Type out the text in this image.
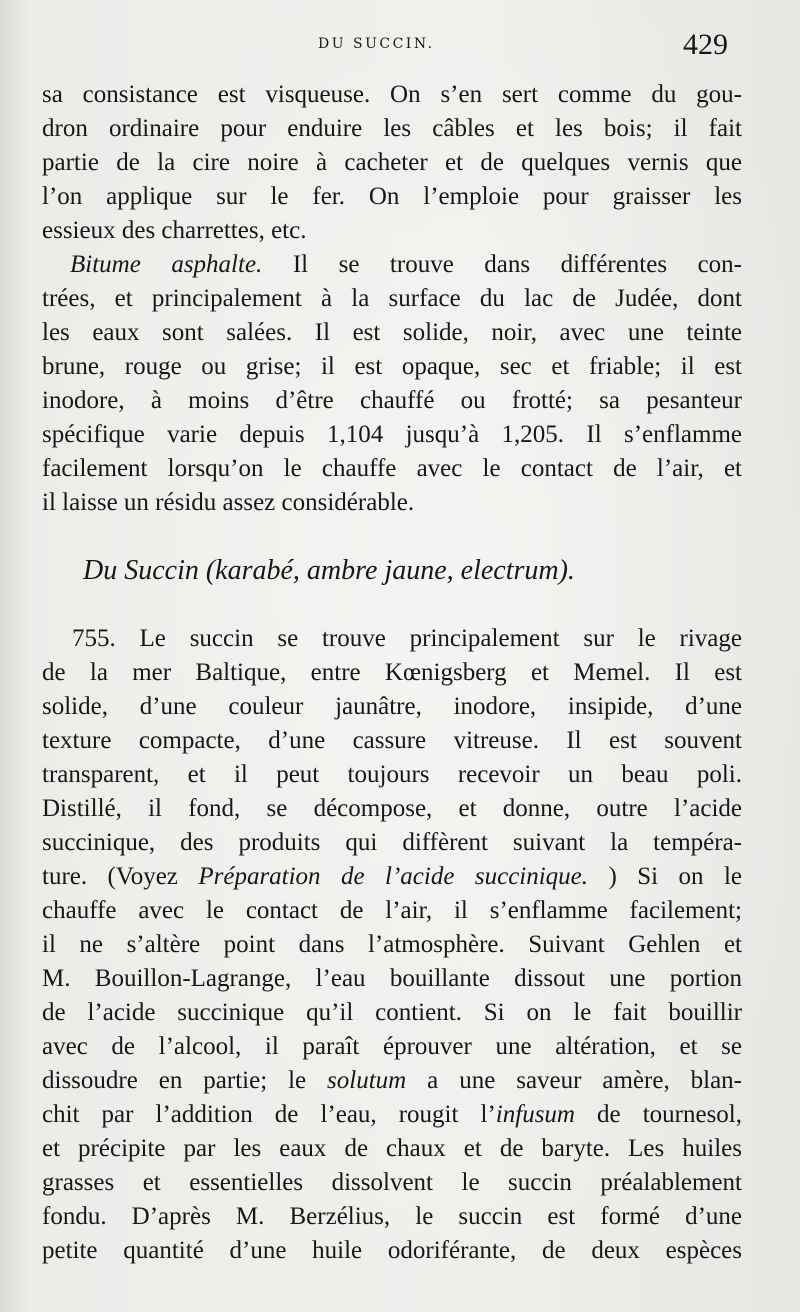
DU SUCCIN.	429
sa consistance est visqueuse. On s’en sert comme du gou-
dron ordinaire pour enduire les câbles et les bois; il fait
partie de la cire noire à cacheter et de quelques vernis que
l’on applique sur le fer. On l’emploie pour graisser les
essieux des charrettes, etc.
Bitume asphalte. Il se trouve dans différentes con-
trées, et principalement à la surface du lac de Judée, dont
les eaux sont salées. Il est solide, noir, avec une teinte
brune, rouge ou grise; il est opaque, sec et friable; il est
inodore, à moins d’être chauffé ou frotté; sa pesanteur
spécifique varie depuis 1,104 jusqu’à 1,205. Il s’enflamme
facilement lorsqu’on le chauffe avec le contact de l’air, et
il laisse un résidu assez considérable.
Du Succin (karabé, ambre jaune, electrum).
755. Le succin se trouve principalement sur le rivage
de la mer Baltique, entre Kœnigsberg et Memel. Il est
solide, d’une couleur jaunâtre, inodore, insipide, d’une
texture compacte, d’une cassure vitreuse. Il est souvent
transparent, et il peut toujours recevoir un beau poli.
Distillé, il fond, se décompose, et donne, outre l’acide
succinique, des produits qui diffèrent suivant la tempéra-
ture. (Voyez Préparation de l’acide succinique. ) Si on le
chauffe avec le contact de l’air, il s’enflamme facilement;
il ne s’altère point dans l’atmosphère. Suivant Gehlen et
M. Bouillon-Lagrange, l’eau bouillante dissout une portion
de l’acide succinique qu’il contient. Si on le fait bouillir
avec de l’alcool, il paraît éprouver une altération, et se
dissoudre en partie; le solutum a une saveur amère, blan-
chit par l’addition de l’eau, rougit l’infusum de tournesol,
et précipite par les eaux de chaux et de baryte. Les huiles
grasses et essentielles dissolvent le succin préalablement
fondu. D’après M. Berzélius, le succin est formé d’une
petite quantité d’une huile odoriférante, de deux espèces
